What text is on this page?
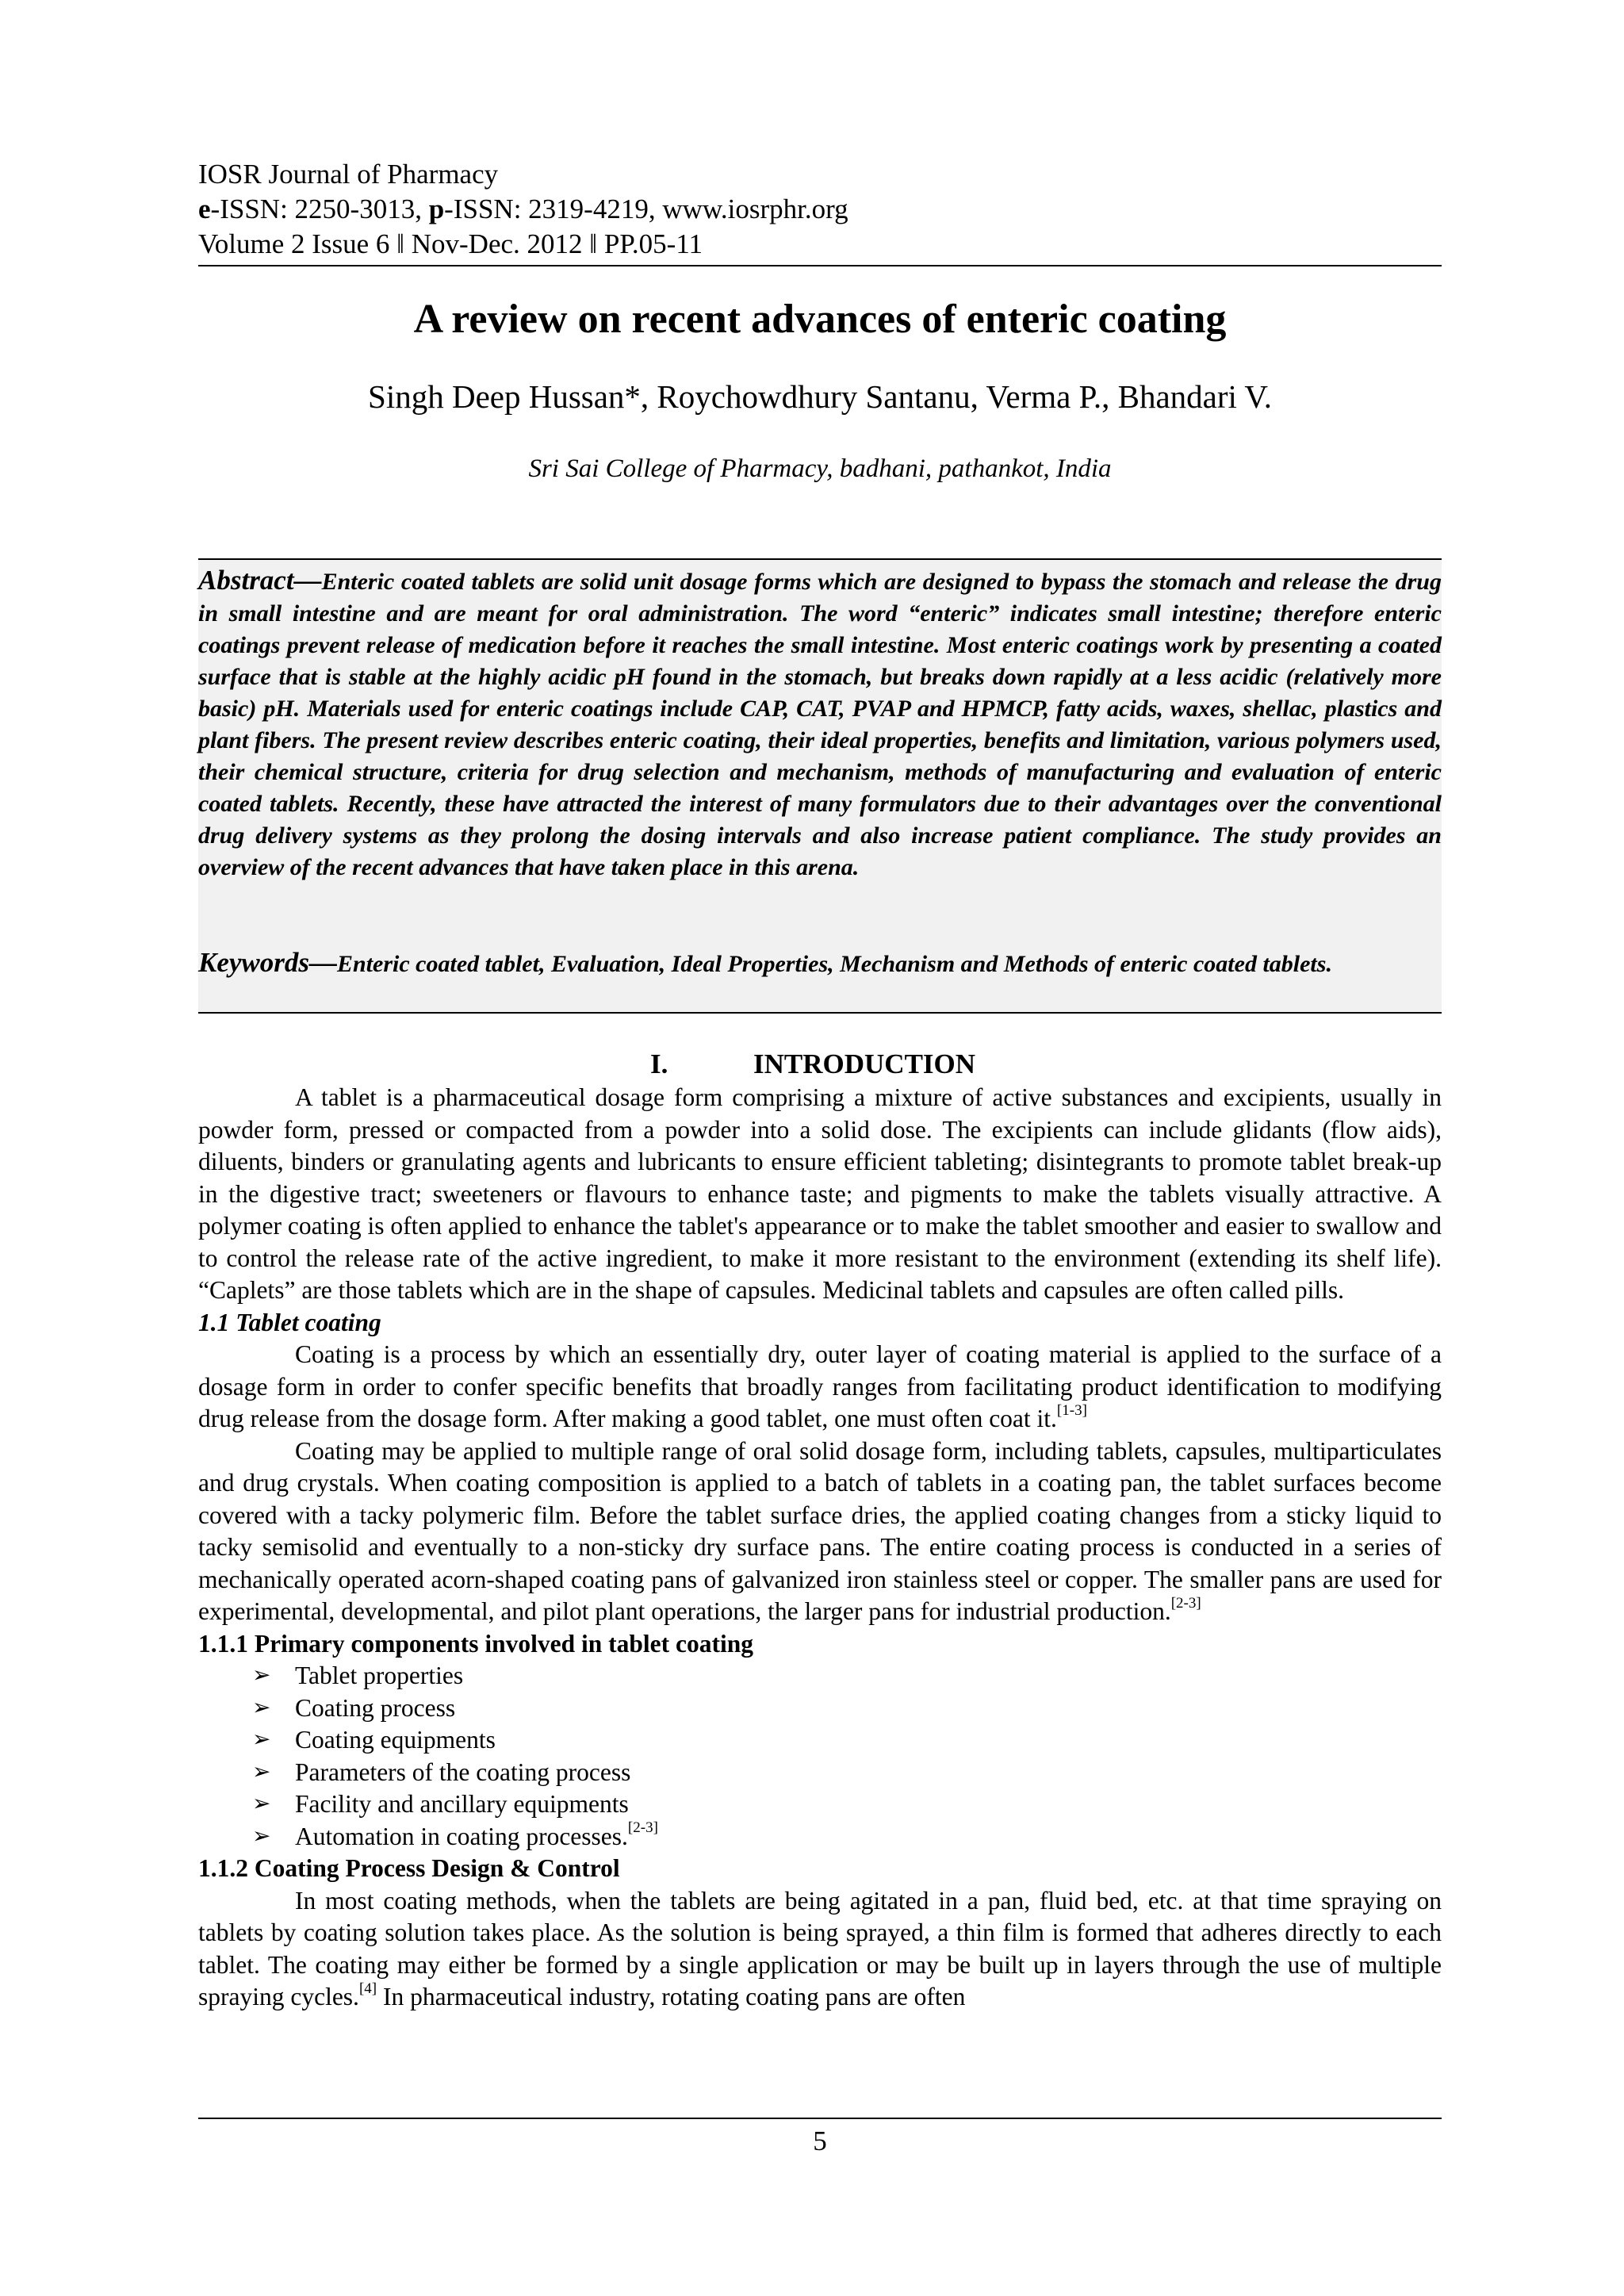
IOSR Journal of Pharmacy
e-ISSN: 2250-3013, p-ISSN: 2319-4219, www.iosrphr.org
Volume 2 Issue 6 ǁ Nov-Dec. 2012 ǁ PP.05-11
A review on recent advances of enteric coating
Singh Deep Hussan*, Roychowdhury Santanu, Verma P., Bhandari V.
Sri Sai College of Pharmacy, badhani, pathankot, India
Abstract—Enteric coated tablets are solid unit dosage forms which are designed to bypass the stomach and release the drug in small intestine and are meant for oral administration. The word “enteric” indicates small intestine; therefore enteric coatings prevent release of medication before it reaches the small intestine. Most enteric coatings work by presenting a coated surface that is stable at the highly acidic pH found in the stomach, but breaks down rapidly at a less acidic (relatively more basic) pH. Materials used for enteric coatings include CAP, CAT, PVAP and HPMCP, fatty acids, waxes, shellac, plastics and plant fibers. The present review describes enteric coating, their ideal properties, benefits and limitation, various polymers used, their chemical structure, criteria for drug selection and mechanism, methods of manufacturing and evaluation of enteric coated tablets. Recently, these have attracted the interest of many formulators due to their advantages over the conventional drug delivery systems as they prolong the dosing intervals and also increase patient compliance. The study provides an overview of the recent advances that have taken place in this arena.
Keywords—Enteric coated tablet, Evaluation, Ideal Properties, Mechanism and Methods of enteric coated tablets.
I.	INTRODUCTION

A tablet is a pharmaceutical dosage form comprising a mixture of active substances and excipients, usually in powder form, pressed or compacted from a powder into a solid dose. The excipients can include glidants (flow aids), diluents, binders or granulating agents and lubricants to ensure efficient tableting; disintegrants to promote tablet break-up in the digestive tract; sweeteners or flavours to enhance taste; and pigments to make the tablets visually attractive. A polymer coating is often applied to enhance the tablet's appearance or to make the tablet smoother and easier to swallow and to control the release rate of the active ingredient, to make it more resistant to the environment (extending its shelf life). “Caplets” are those tablets which are in the shape of capsules. Medicinal tablets and capsules are often called pills.

1.1 Tablet coating

Coating is a process by which an essentially dry, outer layer of coating material is applied to the surface of a dosage form in order to confer specific benefits that broadly ranges from facilitating product identification to modifying drug release from the dosage form. After making a good tablet, one must often coat it.[1-3]

Coating may be applied to multiple range of oral solid dosage form, including tablets, capsules, multiparticulates and drug crystals. When coating composition is applied to a batch of tablets in a coating pan, the tablet surfaces become covered with a tacky polymeric film. Before the tablet surface dries, the applied coating changes from a sticky liquid to tacky semisolid and eventually to a non-sticky dry surface pans. The entire coating process is conducted in a series of mechanically operated acorn-shaped coating pans of galvanized iron stainless steel or copper. The smaller pans are used for experimental, developmental, and pilot plant operations, the larger pans for industrial production.[2-3]

1.1.1 Primary components involved in tablet coating
➢ Tablet properties
➢ Coating process
➢ Coating equipments
➢ Parameters of the coating process
➢ Facility and ancillary equipments
➢ Automation in coating processes.[2-3]
1.1.2 Coating Process Design & Control

In most coating methods, when the tablets are being agitated in a pan, fluid bed, etc. at that time spraying on tablets by coating solution takes place. As the solution is being sprayed, a thin film is formed that adheres directly to each tablet. The coating may either be formed by a single application or may be built up in layers through the use of multiple spraying cycles.[4] In pharmaceutical industry, rotating coating pans are often

5
